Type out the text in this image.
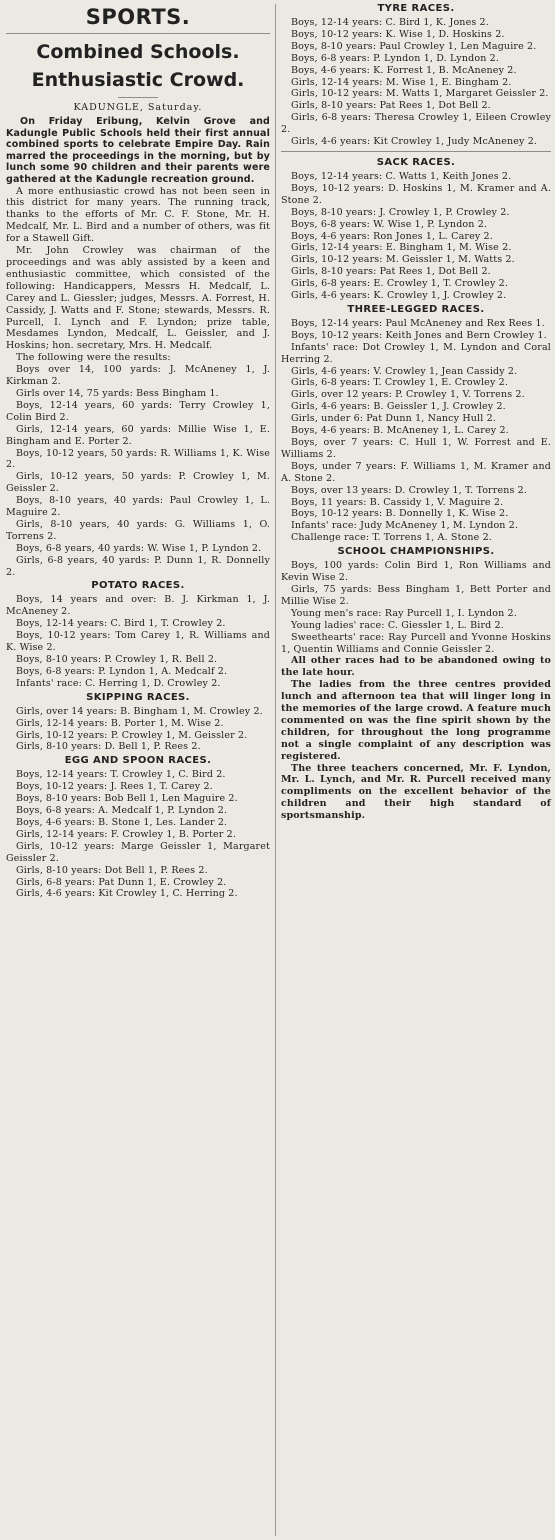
SPORTS.
Combined Schools.
Enthusiastic Crowd.
KADUNGLE, Saturday.

On Friday Eribung, Kelvin Grove and Kadungle Public Schools held their first annual combined sports to celebrate Empire Day. Rain marred the proceedings in the morning, but by lunch some 90 children and their parents were gathered at the Kadungle recreation ground.

A more enthusiastic crowd has not been seen in this district for many years. The running track, thanks to the efforts of Mr. C. F. Stone, Mr. H. Medcalf, Mr. L. Bird and a number of others, was fit for a Stawell Gift.

Mr. John Crowley was chairman of the proceedings and was ably assisted by a keen and enthusiastic committee, which consisted of the following: Handicappers, Messrs H. Medcalf, L. Carey and L. Giessler; judges, Messrs. A. Forrest, H. Cassidy, J. Watts and F. Stone; stewards, Messrs. R. Purcell, I. Lynch and F. Lyndon; prize table, Mesdames Lyndon, Medcalf, L. Geissler, and J. Hoskins; hon. secretary, Mrs. H. Medcalf.

The following were the results:

Boys over 14, 100 yards: J. McAneney 1, J. Kirkman 2.

Girls over 14, 75 yards: Bess Bingham 1.

Boys, 12-14 years, 60 yards: Terry Crowley 1, Colin Bird 2.

Girls, 12-14 years, 60 yards: Millie Wise 1, E. Bingham and E. Porter 2.

Boys, 10-12 years, 50 yards: R. Williams 1, K. Wise 2.

Girls, 10-12 years, 50 yards: P. Crowley 1, M. Geissler 2.

Boys, 8-10 years, 40 yards: Paul Crowley 1, L. Maguire 2.

Girls, 8-10 years, 40 yards: G. Williams 1, O. Torrens 2.

Boys, 6-8 years, 40 yards: W. Wise 1, P. Lyndon 2.

Girls, 6-8 years, 40 yards: P. Dunn 1, R. Donnelly 2.

POTATO RACES.

Boys, 14 years and over: B. J. Kirkman 1, J. McAneney 2.

Boys, 12-14 years: C. Bird 1, T. Crowley 2.

Boys, 10-12 years: Tom Carey 1, R. Williams and K. Wise 2.

Boys, 8-10 years: P. Crowley 1, R. Bell 2.

Boys, 6-8 years: P. Lyndon 1, A. Medcalf 2.

Infants' race: C. Herring 1, D. Crowley 2.

SKIPPING RACES.

Girls, over 14 years: B. Bingham 1, M. Crowley 2.

Girls, 12-14 years: B. Porter 1, M. Wise 2.

Girls, 10-12 years: P. Crowley 1, M. Geissler 2.

Girls, 8-10 years: D. Bell 1, P. Rees 2.

EGG AND SPOON RACES.

Boys, 12-14 years: T. Crowley 1, C. Bird 2.

Boys, 10-12 years: J. Rees 1, T. Carey 2.

Boys, 8-10 years: Bob Bell 1, Len Maguire 2.

Boys, 6-8 years: A. Medcalf 1, P. Lyndon 2.

Boys, 4-6 years: B. Stone 1, Les. Lander 2.

Girls, 12-14 years: F. Crowley 1, B. Porter 2.

Girls, 10-12 years: Marge Geissler 1, Margaret Geissler 2.

Girls, 8-10 years: Dot Bell 1, P. Rees 2.

Girls, 6-8 years: Pat Dunn 1, E. Crowley 2.

Girls, 4-6 years: Kit Crowley 1, C. Herring 2.

TYRE RACES.

Boys, 12-14 years: C. Bird 1, K. Jones 2.

Boys, 10-12 years: K. Wise 1, D. Hoskins 2.

Boys, 8-10 years: Paul Crowley 1, Len Maguire 2.

Boys, 6-8 years: P. Lyndon 1, D. Lyndon 2.

Boys, 4-6 years: K. Forrest 1, B. McAneney 2.

Girls, 12-14 years: M. Wise 1, E. Bingham 2.

Girls, 10-12 years: M. Watts 1, Margaret Geissler 2.

Girls, 8-10 years: Pat Rees 1, Dot Bell 2.

Girls, 6-8 years: Theresa Crowley 1, Eileen Crowley 2.

Girls, 4-6 years: Kit Crowley 1, Judy McAneney 2.

SACK RACES.

Boys, 12-14 years: C. Watts 1, Keith Jones 2.

Boys, 10-12 years: D. Hoskins 1, M. Kramer and A. Stone 2.

Boys, 8-10 years: J. Crowley 1, P. Crowley 2.

Boys, 6-8 years: W. Wise 1, P. Lyndon 2.

Boys, 4-6 years: Ron Jones 1, L. Carey 2.

Girls, 12-14 years: E. Bingham 1, M. Wise 2.

Girls, 10-12 years: M. Geissler 1, M. Watts 2.

Girls, 8-10 years: Pat Rees 1, Dot Bell 2.

Girls, 6-8 years: E. Crowley 1, T. Crowley 2.

Girls, 4-6 years: K. Crowley 1, J. Crowley 2.

THREE-LEGGED RACES.

Boys, 12-14 years: Paul McAneney and Rex Rees 1.

Boys, 10-12 years: Keith Jones and Bern Crowley 1.

Infants' race: Dot Crowley 1, M. Lyndon and Coral Herring 2.

Girls, 4-6 years: V. Crowley 1, Jean Cassidy 2.

Girls, 6-8 years: T. Crowley 1, E. Crowley 2.

Girls, over 12 years: P. Crowley 1, V. Torrens 2.

Girls, 4-6 years: B. Geissler 1, J. Crowley 2.

Girls, under 6: Pat Dunn 1, Nancy Hull 2.

Boys, 4-6 years: B. McAneney 1, L. Carey 2.

Boys, over 7 years: C. Hull 1, W. Forrest and E. Williams 2.

Boys, under 7 years: F. Williams 1, M. Kramer and A. Stone 2.

Boys, over 13 years: D. Crowley 1, T. Torrens 2.

Boys, 11 years: B. Cassidy 1, V. Maguire 2.

Boys, 10-12 years: B. Donnelly 1, K. Wise 2.

Infants' race: Judy McAneney 1, M. Lyndon 2.

Challenge race: T. Torrens 1, A. Stone 2.

SCHOOL CHAMPIONSHIPS.

Boys, 100 yards: Colin Bird 1, Ron Williams and Kevin Wise 2.

Girls, 75 yards: Bess Bingham 1, Bett Porter and Millie Wise 2.

Young men's race: Ray Purcell 1, I. Lyndon 2.

Young ladies' race: C. Giessler 1, L. Bird 2.

Sweethearts' race: Ray Purcell and Yvonne Hoskins 1, Quentin Williams and Connie Geissler 2.

All other races had to be abandoned owing to the late hour.

The ladies from the three centres provided lunch and afternoon tea that will linger long in the memories of the large crowd. A feature much commented on was the fine spirit shown by the children, for throughout the long programme not a single complaint of any description was registered.

The three teachers concerned, Mr. F. Lyndon, Mr. L. Lynch, and Mr. R. Purcell received many compliments on the excellent behavior of the children and their high standard of sportsmanship.
